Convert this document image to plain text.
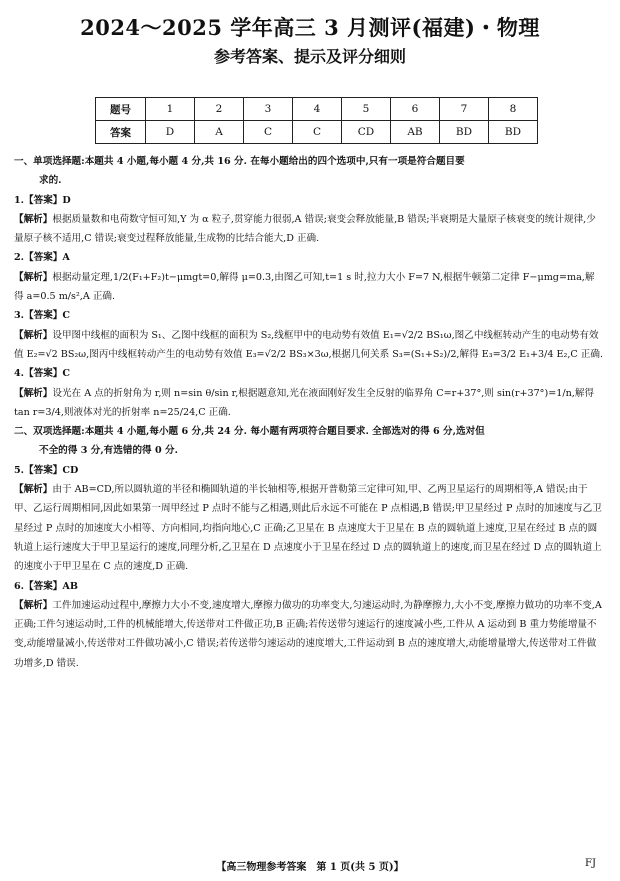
2024～2025 学年高三 3 月测评(福建)・物理
参考答案、提示及评分细则
题号	1	2	3	4	5	6	7	8
答案	D	A	C	C	CD	AB	BD	BD
一、单项选择题:本题共 4 小题,每小题 4 分,共 16 分. 在每小题给出的四个选项中,只有一项是符合题目要
求的.
1.【答案】D

【解析】根据质量数和电荷数守恒可知,Y 为 α 粒子,贯穿能力很弱,A 错误;衰变会释放能量,B 错误;半衰期是大量原子核衰变的统计规律,少量原子核不适用,C 错误;衰变过程释放能量,生成物的比结合能大,D 正确.

2.【答案】A

【解析】根据动量定理,1/2(F₁+F₂)t−μmgt=0,解得 μ=0.3,由图乙可知,t=1 s 时,拉力大小 F=7 N,根据牛顿第二定律 F−μmg=ma,解得 a=0.5 m/s²,A 正确.

3.【答案】C

【解析】设甲图中线框的面积为 S₁、乙图中线框的面积为 S₂,线框甲中的电动势有效值 E₁=√2/2 BS₁ω,图乙中线框转动产生的电动势有效值 E₂=√2 BS₂ω,图丙中线框转动产生的电动势有效值 E₃=√2/2 BS₃×3ω,根据几何关系 S₃=(S₁+S₂)/2,解得 E₃=3/2 E₁+3/4 E₂,C 正确.

4.【答案】C

【解析】设光在 A 点的折射角为 r,则 n=sin θ/sin r,根据题意知,光在液面刚好发生全反射的临界角 C=r+37°,则 sin(r+37°)=1/n,解得 tan r=3/4,则液体对光的折射率 n=25/24,C 正确.

二、双项选择题:本题共 4 小题,每小题 6 分,共 24 分. 每小题有两项符合题目要求. 全部选对的得 6 分,选对但
不全的得 3 分,有选错的得 0 分.
5.【答案】CD

【解析】由于 AB=CD,所以圆轨道的半径和椭圆轨道的半长轴相等,根据开普勒第三定律可知,甲、乙两卫星运行的周期相等,A 错误;由于甲、乙运行周期相同,因此如果第一周甲经过 P 点时不能与乙相遇,则此后永远不可能在 P 点相遇,B 错误;甲卫星经过 P 点时的加速度与乙卫星经过 P 点时的加速度大小相等、方向相同,均指向地心,C 正确;乙卫星在 B 点速度大于卫星在 B 点的圆轨道上速度,卫星在经过 B 点的圆轨道上运行速度大于甲卫星运行的速度,同理分析,乙卫星在 D 点速度小于卫星在经过 D 点的圆轨道上的速度,而卫星在经过 D 点的圆轨道上的速度小于甲卫星在 C 点的速度,D 正确.

6.【答案】AB

【解析】工件加速运动过程中,摩擦力大小不变,速度增大,摩擦力做功的功率变大,匀速运动时,为静摩擦力,大小不变,摩擦力做功的功率不变,A 正确;工件匀速运动时,工件的机械能增大,传送带对工件做正功,B 正确;若传送带匀速运行的速度减小些,工件从 A 运动到 B 重力势能增量不变,动能增量减小,传送带对工件做功减小,C 错误;若传送带匀速运动的速度增大,工件运动到 B 点的速度增大,动能增量增大,传送带对工件做功增多,D 错误.

【高三物理参考答案　第 1 页(共 5 页)】	FJ
